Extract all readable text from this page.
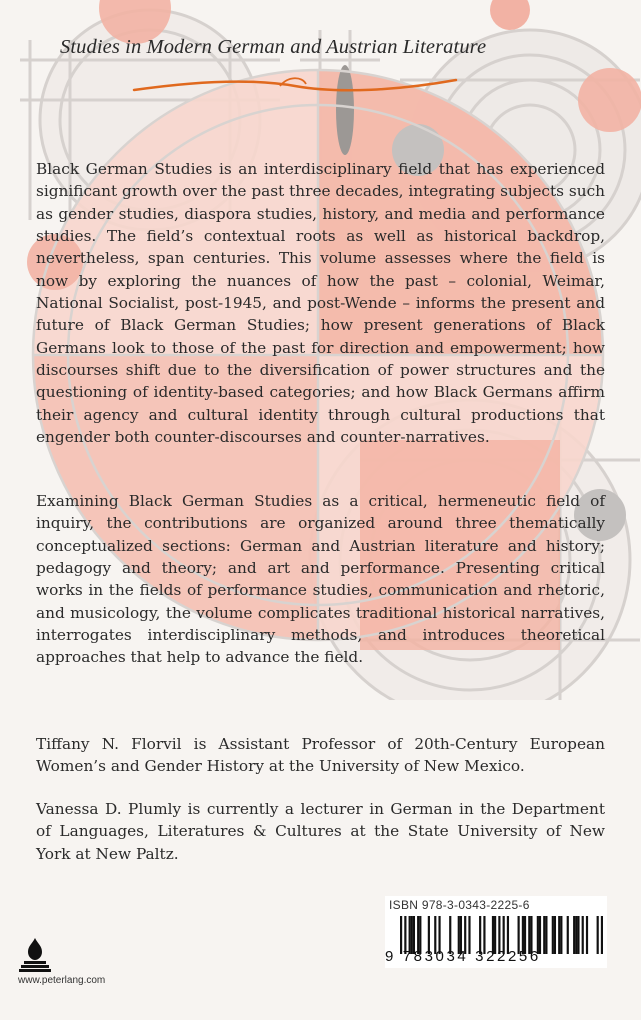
Studies in Modern German and Austrian Literature

Black German Studies is an interdisciplinary field that has experienced significant growth over the past three decades, integrating subjects such as gender studies, diaspora studies, history, and media and performance studies. The field’s contextual roots as well as historical backdrop, nevertheless, span centuries. This volume assesses where the field is now by exploring the nuances of how the past – colonial, Weimar, National Socialist, post-1945, and post-Wende – informs the present and future of Black German Studies; how present generations of Black Germans look to those of the past for direction and empowerment; how discourses shift due to the diversification of power structures and the questioning of identity-based categories; and how Black Germans affirm their agency and cultural identity through cultural productions that engender both counter-discourses and counter-narratives.

Examining Black German Studies as a critical, hermeneutic field of inquiry, the contributions are organized around three thematically conceptualized sections: German and Austrian literature and history; pedagogy and theory; and art and performance. Presenting critical works in the fields of performance studies, communication and rhetoric, and musicology, the volume complicates traditional historical narratives, interrogates interdisciplinary methods, and introduces theoretical approaches that help to advance the field.

Tiffany N. Florvil is Assistant Professor of 20th-Century European Women’s and Gender History at the University of New Mexico.

Vanessa D. Plumly is currently a lecturer in German in the Department of Languages, Literatures & Cultures at the State University of New York at New Paltz.

www.peterlang.com
ISBN 978-3-0343-2225-6
9 783034 322256
